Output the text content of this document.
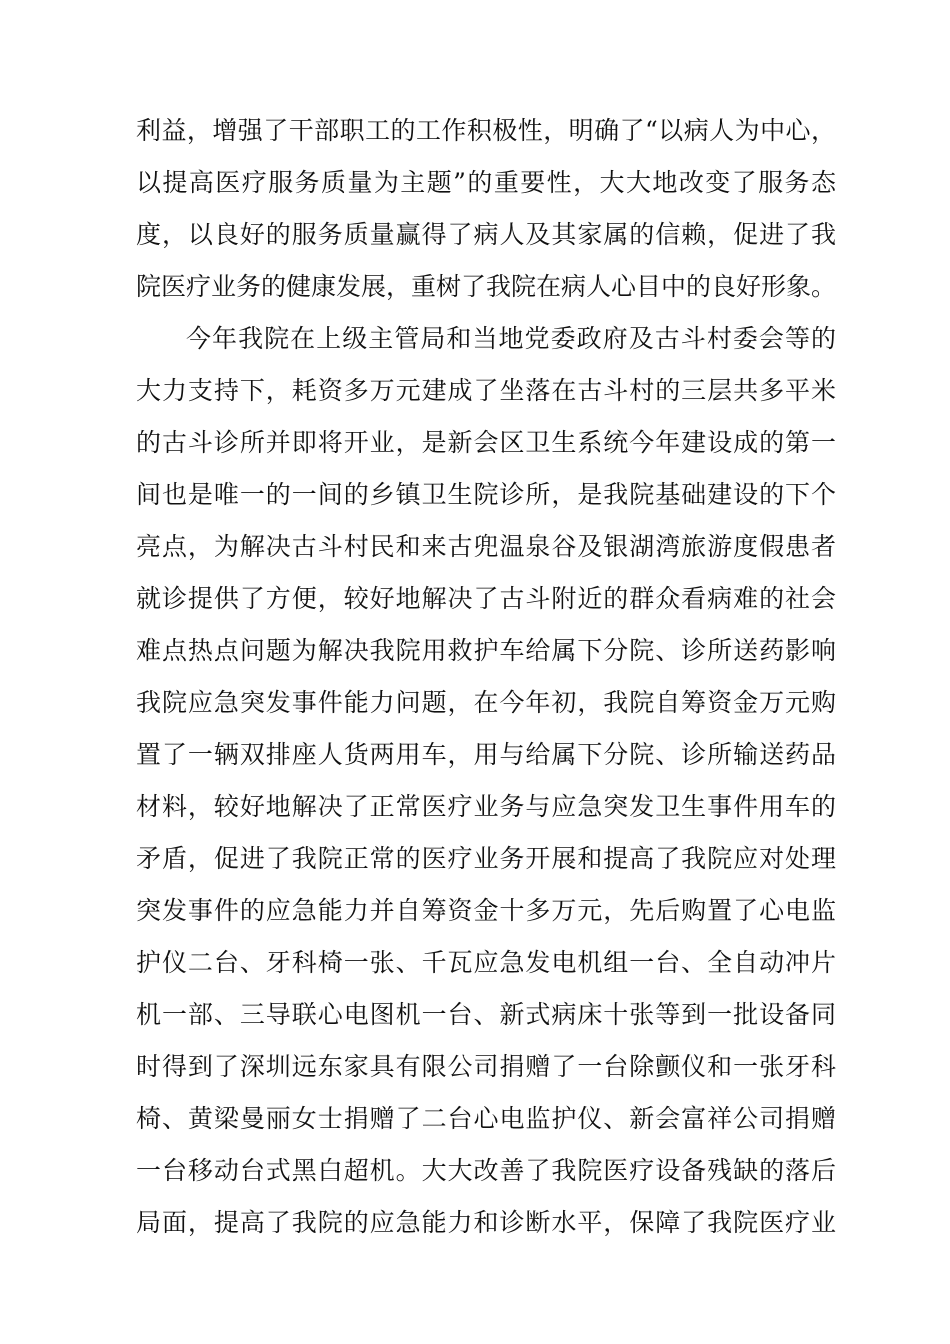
利益，增强了干部职工的工作积极性，明确了“以病人为中心，
以提高医疗服务质量为主题”的重要性，大大地改变了服务态
度，以良好的服务质量赢得了病人及其家属的信赖，促进了我
院医疗业务的健康发展，重树了我院在病人心目中的良好形象。
今年我院在上级主管局和当地党委政府及古斗村委会等的
大力支持下，耗资多万元建成了坐落在古斗村的三层共多平米
的古斗诊所并即将开业，是新会区卫生系统今年建设成的第一
间也是唯一的一间的乡镇卫生院诊所，是我院基础建设的下个
亮点，为解决古斗村民和来古兜温泉谷及银湖湾旅游度假患者
就诊提供了方便，较好地解决了古斗附近的群众看病难的社会
难点热点问题为解决我院用救护车给属下分院、诊所送药影响
我院应急突发事件能力问题，在今年初，我院自筹资金万元购
置了一辆双排座人货两用车，用与给属下分院、诊所输送药品
材料，较好地解决了正常医疗业务与应急突发卫生事件用车的
矛盾，促进了我院正常的医疗业务开展和提高了我院应对处理
突发事件的应急能力并自筹资金十多万元，先后购置了心电监
护仪二台、牙科椅一张、千瓦应急发电机组一台、全自动冲片
机一部、三导联心电图机一台、新式病床十张等到一批设备同
时得到了深圳远东家具有限公司捐赠了一台除颤仪和一张牙科
椅、黄梁曼丽女士捐赠了二台心电监护仪、新会富祥公司捐赠
一台移动台式黑白超机。大大改善了我院医疗设备残缺的落后
局面，提高了我院的应急能力和诊断水平，保障了我院医疗业
